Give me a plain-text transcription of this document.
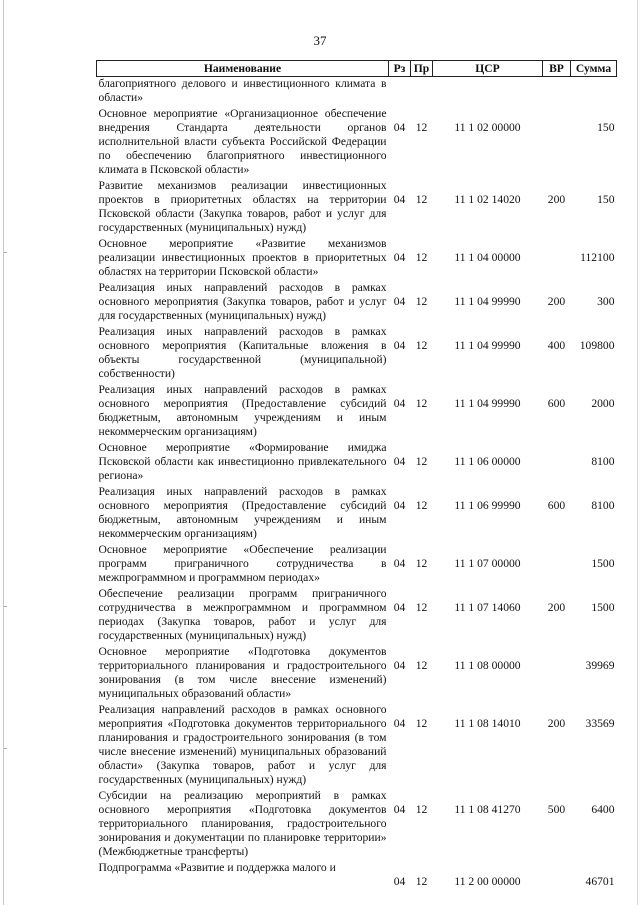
37
Наименование	Рз	Пр	ЦСР	ВР	Сумма
благоприятного делового и инвестиционного климата в области»					
Основное мероприятие «Организационное обеспечение внедрения Стандарта деятельности органов исполнительной власти субъекта Российской Федерации по обеспечению благоприятного инвестиционного климата в Псковской области»	04	12	11 1 02 00000		150
Развитие механизмов реализации инвестиционных проектов в приоритетных областях на территории Псковской области (Закупка товаров, работ и услуг для государственных (муниципальных) нужд)	04	12	11 1 02 14020	200	150
Основное мероприятие «Развитие механизмов реализации инвестиционных проектов в приоритетных областях на территории Псковской области»	04	12	11 1 04 00000		112100
Реализация иных направлений расходов в рамках основного мероприятия (Закупка товаров, работ и услуг для государственных (муниципальных) нужд)	04	12	11 1 04 99990	200	300
Реализация иных направлений расходов в рамках основного мероприятия (Капитальные вложения в объекты государственной (муниципальной) собственности)	04	12	11 1 04 99990	400	109800
Реализация иных направлений расходов в рамках основного мероприятия (Предоставление субсидий бюджетным, автономным учреждениям и иным некоммерческим организациям)	04	12	11 1 04 99990	600	2000
Основное мероприятие «Формирование имиджа Псковской области как инвестиционно привлекательного региона»	04	12	11 1 06 00000		8100
Реализация иных направлений расходов в рамках основного мероприятия (Предоставление субсидий бюджетным, автономным учреждениям и иным некоммерческим организациям)	04	12	11 1 06 99990	600	8100
Основное мероприятие «Обеспечение реализации программ приграничного сотрудничества в межпрограммном и программном периодах»	04	12	11 1 07 00000		1500
Обеспечение реализации программ приграничного сотрудничества в межпрограммном и программном периодах (Закупка товаров, работ и услуг для государственных (муниципальных) нужд)	04	12	11 1 07 14060	200	1500
Основное мероприятие «Подготовка документов территориального планирования и градостроительного зонирования (в том числе внесение изменений) муниципальных образований области»	04	12	11 1 08 00000		39969
Реализация направлений расходов в рамках основного мероприятия «Подготовка документов территориального планирования и градостроительного зонирования (в том числе внесение изменений) муниципальных образований области» (Закупка товаров, работ и услуг для государственных (муниципальных) нужд)	04	12	11 1 08 14010	200	33569
Субсидии на реализацию мероприятий в рамках основного мероприятия «Подготовка документов территориального планирования, градостроительного зонирования и документации по планировке территории» (Межбюджетные трансферты)	04	12	11 1 08 41270	500	6400
Подпрограмма «Развитие и поддержка малого и	04	12	11 2 00 00000		46701
